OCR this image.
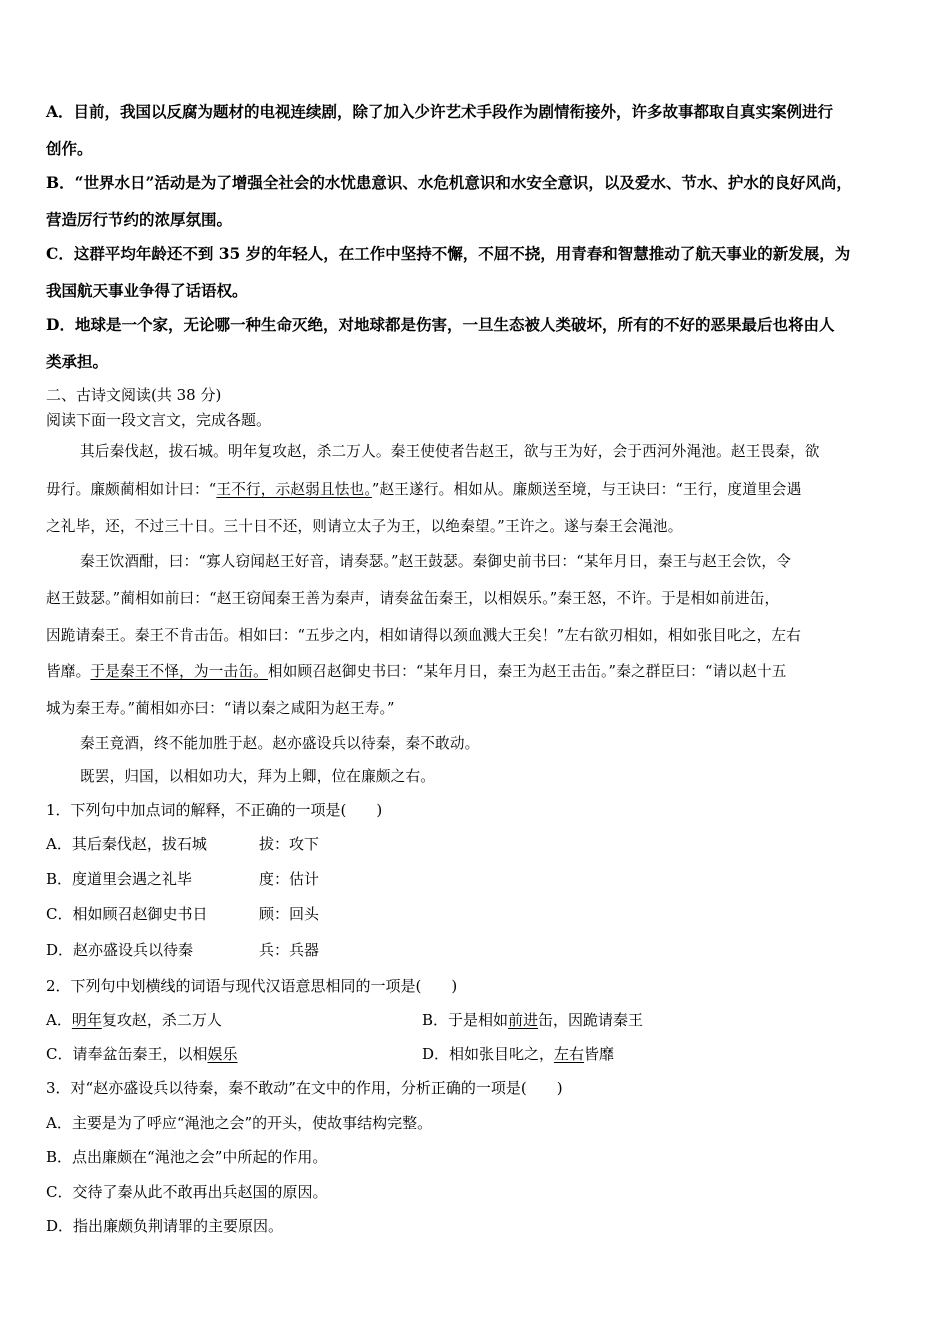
A．目前，我国以反腐为题材的电视连续剧，除了加入少许艺术手段作为剧情衔接外，许多故事都取自真实案例进行
创作。
B．“世界水日”活动是为了增强全社会的水忧患意识、水危机意识和水安全意识，以及爱水、节水、护水的良好风尚，
营造厉行节约的浓厚氛围。
C．这群平均年龄还不到 35 岁的年轻人，在工作中坚持不懈，不屈不挠，用青春和智慧推动了航天事业的新发展，为
我国航天事业争得了话语权。
D．地球是一个家，无论哪一种生命灭绝，对地球都是伤害，一旦生态被人类破坏，所有的不好的恶果最后也将由人
类承担。
二、古诗文阅读(共 38 分)
阅读下面一段文言文，完成各题。
其后秦伐赵，拔石城。明年复攻赵，杀二万人。秦王使使者告赵王，欲与王为好，会于西河外渑池。赵王畏秦，欲
毋行。廉颇蔺相如计曰：“王不行，示赵弱且怯也。”赵王遂行。相如从。廉颇送至境，与王诀曰：“王行，度道里会遇
之礼毕，还，不过三十日。三十日不还，则请立太子为王，以绝秦望。”王许之。遂与秦王会渑池。
秦王饮酒酣，曰：“寡人窃闻赵王好音，请奏瑟。”赵王鼓瑟。秦御史前书曰：“某年月日，秦王与赵王会饮，令
赵王鼓瑟。”蔺相如前曰：“赵王窃闻秦王善为秦声，请奏盆缶秦王，以相娱乐。”秦王怒，不许。于是相如前进缶，
因跪请秦王。秦王不肯击缶。相如曰：“五步之内，相如请得以颈血溅大王矣！”左右欲刃相如，相如张目叱之，左右
皆靡。于是秦王不怿，为一击缶。相如顾召赵御史书曰：“某年月日，秦王为赵王击缶。”秦之群臣曰：“请以赵十五
城为秦王寿。”蔺相如亦曰：“请以秦之咸阳为赵王寿。”
秦王竟酒，终不能加胜于赵。赵亦盛设兵以待秦，秦不敢动。
既罢，归国，以相如功大，拜为上卿，位在廉颇之右。
1．下列句中加点词的解释，不正确的一项是(　　)
A．其后秦伐赵，拔石城	拔：攻下
B．度道里会遇之礼毕	度：估计
C．相如顾召赵御史书日	顾：回头
D．赵亦盛设兵以待秦	兵：兵器
2．下列句中划横线的词语与现代汉语意思相同的一项是(　　)
A．明年复攻赵，杀二万人	B．于是相如前进缶，因跪请秦王
C．请奉盆缶秦王，以相娱乐	D．相如张目叱之，左右皆靡
3．对“赵亦盛设兵以待秦，秦不敢动”在文中的作用，分析正确的一项是(　　)
A．主要是为了呼应“渑池之会”的开头，使故事结构完整。
B．点出廉颇在“渑池之会”中所起的作用。
C．交待了秦从此不敢再出兵赵国的原因。
D．指出廉颇负荆请罪的主要原因。
